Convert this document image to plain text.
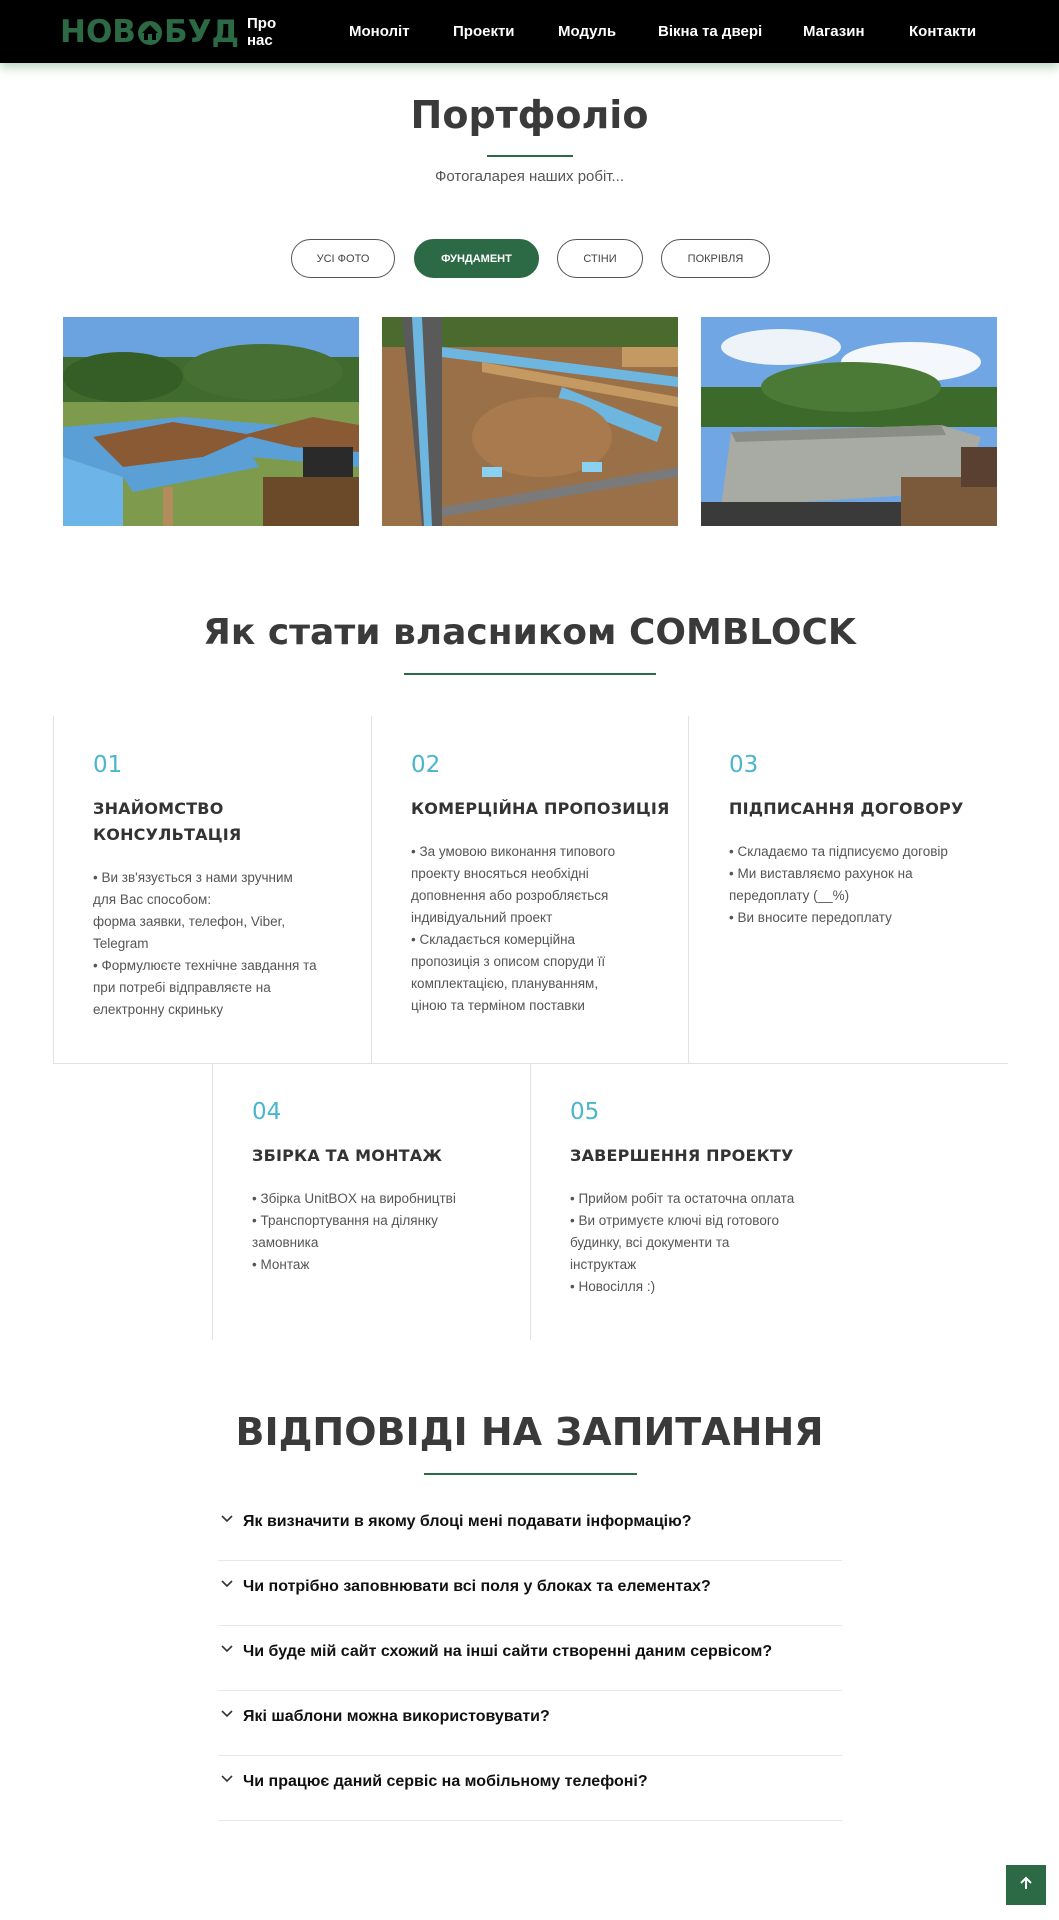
НОВ БУД Про нас	Моноліт	Проекти	Модуль	Вікна та двері	Магазин	Контакти
Портфоліо
Фотогаларея наших робіт...
УСІ ФОТО	ФУНДАМЕНТ	СТІНИ	ПОКРІВЛЯ
Як стати власником COMBLOCK
01
ЗНАЙОМСТВО КОНСУЛЬТАЦІЯ
• Ви зв'язується з нами зручним
для Вас способом:
форма заявки, телефон, Viber,
Telegram
• Формулюєте технічне завдання та
при потребі відправляєте на
електронну скриньку
02
КОМЕРЦІЙНА ПРОПОЗИЦІЯ
• За умовою виконання типового
проекту вносяться необхідні
доповнення або розробляється
індивідуальний проект
• Складається комерційна
пропозиція з описом споруди її
комплектацією, плануванням,
ціною та терміном поставки
03
ПІДПИСАННЯ ДОГОВОРУ
• Складаємо та підписуємо договір
• Ми виставляємо рахунок на
передоплату (__%)
• Ви вносите передоплату
04
ЗБІРКА ТА МОНТАЖ
• Збірка UnitBOX на виробництві
• Транспортування на ділянку
замовника
• Монтаж
05
ЗАВЕРШЕННЯ ПРОЕКТУ
• Прийом робіт та остаточна оплата
• Ви отримуєте ключі від готового
будинку, всі документи та
інструктаж
• Новосілля :)
ВІДПОВІДІ НА ЗАПИТАННЯ
Як визначити в якому блоці мені подавати інформацію?
Чи потрібно заповнювати всі поля у блоках та елементах?
Чи буде мій сайт схожий на інші сайти створенні даним сервісом?
Які шаблони можна використовувати?
Чи працює даний сервіс на мобільному телефоні?
